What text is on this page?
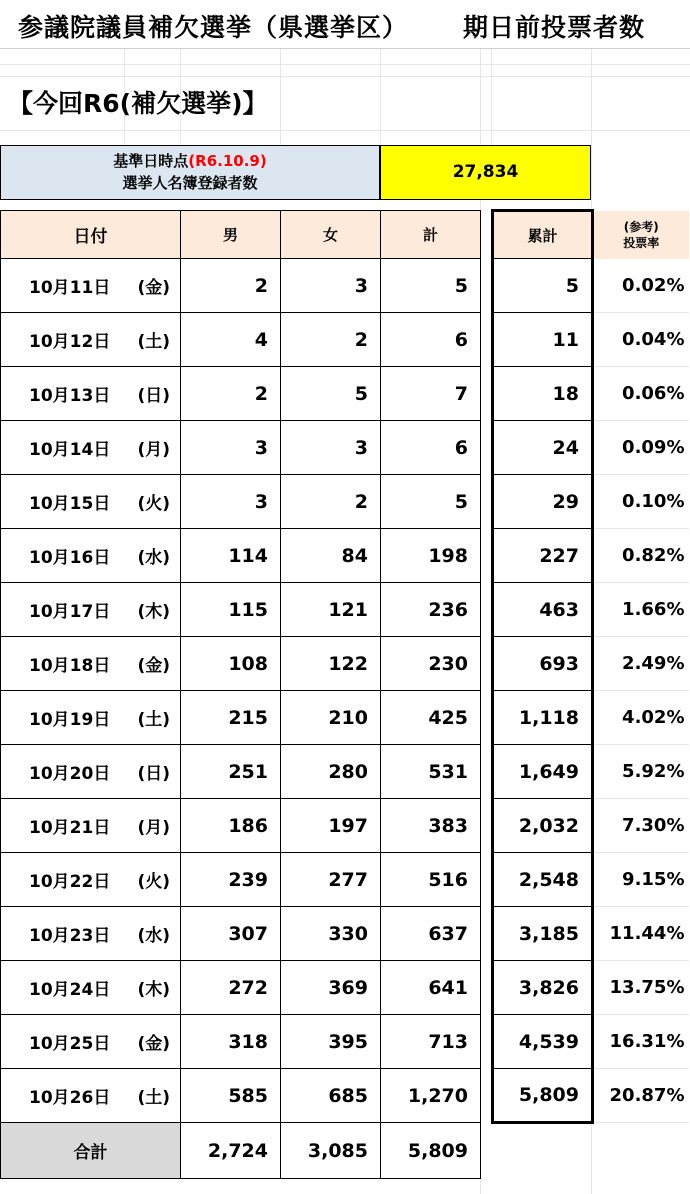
参議院議員補欠選挙（県選挙区） 期日前投票者数
【今回R6(補欠選挙)】
基準日時点(R6.10.9)
選挙人名簿登録者数
27,834
日付	男	女	計		累計	(参考)
投票率

10月11日 (金)	2	3	5		5	0.02%

10月12日 (土)	4	2	6		11	0.04%

10月13日 (日)	2	5	7		18	0.06%

10月14日 (月)	3	3	6		24	0.09%

10月15日 (火)	3	2	5		29	0.10%

10月16日 (水)	114	84	198		227	0.82%

10月17日 (木)	115	121	236		463	1.66%

10月18日 (金)	108	122	230		693	2.49%

10月19日 (土)	215	210	425		1,118	4.02%

10月20日 (日)	251	280	531		1,649	5.92%

10月21日 (月)	186	197	383		2,032	7.30%

10月22日 (火)	239	277	516		2,548	9.15%

10月23日 (水)	307	330	637		3,185	11.44%

10月24日 (木)	272	369	641		3,826	13.75%

10月25日 (金)	318	395	713		4,539	16.31%

10月26日 (土)	585	685	1,270		5,809	20.87%
合計	2,724	3,085	5,809			
